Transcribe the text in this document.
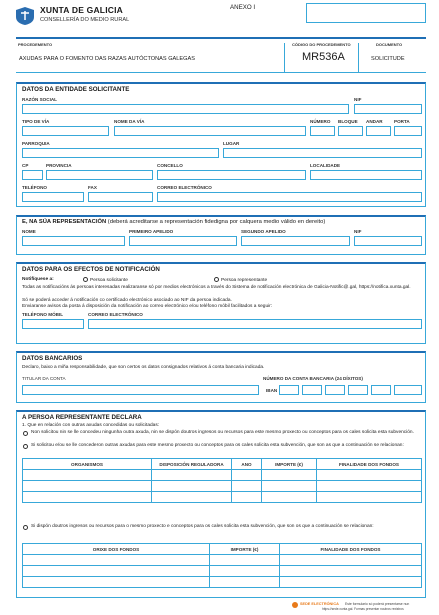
XUNTA DE GALICIA
CONSELLERÍA DO MEDIO RURAL
ANEXO I
PROCEDEMENTO
AXUDAS PARA O FOMENTO DAS RAZAS AUTÓCTONAS GALEGAS
CÓDIGO DO PROCEDEMENTO
MR536A
DOCUMENTO
SOLICITUDE
DATOS DA ENTIDADE SOLICITANTE
RAZÓN SOCIAL	NIF
TIPO DE VÍA	NOME DA VÍA	NÚMERO BLOQUE ANDAR PORTA
PARROQUIA	LUGAR
CP	PROVINCIA	CONCELLO	LOCALIDADE
TELÉFONO	FAX	CORREO ELECTRÓNICO
E, NA SÚA REPRESENTACIÓN (deberá acreditarse a representación fidedigna por calquera medio válido en dereito)
NOME	PRIMEIRO APELIDO	SEGUNDO APELIDO	NIF
DATOS PARA OS EFECTOS DE NOTIFICACIÓN
Notifíquese a:	Persoa solicitante	Persoa representante
Todas as notificacións ás persoas interesadas realizaranse só por medios electrónicos a través do Sistema de notificación electrónica de Galicia-Notific@.gal, https://notifica.xunta.gal.
Só se poderá acceder á notificación co certificado electrónico asociado ao NIF da persoa indicada.
Enviaranse avisos da posta á disposición da notificación ao correo electrónico e/ou teléfono móbil facilitados a seguir:
TELÉFONO MÓBIL	CORREO ELECTRÓNICO
DATOS BANCARIOS
Declaro, baixo a miña responsabilidade, que son certos os datos consignados relativos á conta bancaria indicada.
TITULAR DA CONTA	NÚMERO DA CONTA BANCARIA (24 DÍXITOS)
IBAN
A PERSOA REPRESENTANTE DECLARA
1. Que en relación con outras axudas concedidas ou solicitadas:
Non solicitou nin se lle concedeu ningunha outra axuda, nin se dispón doutros ingresos ou recursos para este mesmo proxecto ou conceptos para os cales solicita esta subvención.
Si solicitou e/ou se lle concederon outras axudas para este mesmo proxecto ou conceptos para os cales solicita esta subvención, que son as que a continuación se relacionan:
ORGANISMOS	DISPOSICIÓN REGULADORA	ANO	IMPORTE (€)	FINALIDADE DOS FONDOS

Si dispón doutros ingresos ou recursos para o mesmo proxecto e conceptos para os cales solicita esta subvención, que son os que a continuación se relacionan:
ORIXE DOS FONDOS	IMPORTE (€)	FINALIDADE DOS FONDOS

SEDE ELECTRÓNICA Este formulario só poderá presentarse nun
https://sede.xunta.gal. Formas presentar noutros rexistros
